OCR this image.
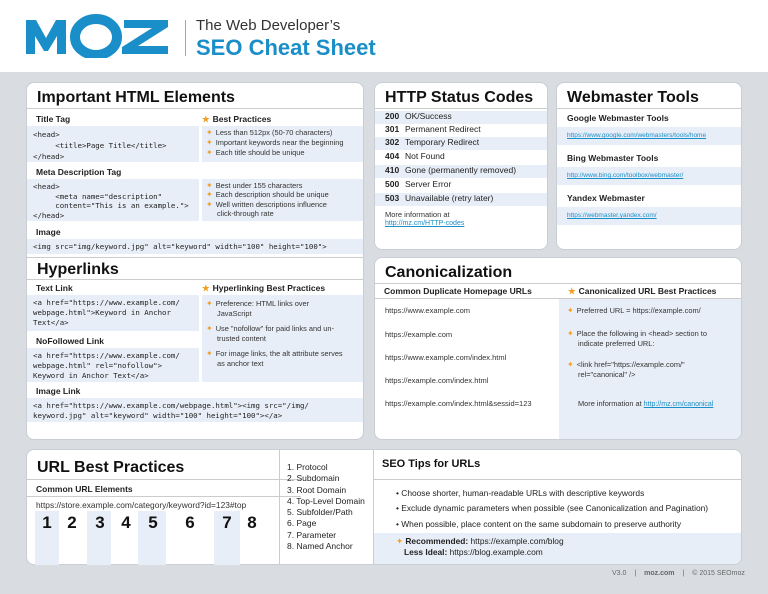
The Web Developer’s
SEO Cheat Sheet
Important HTML Elements
Title Tag
<head>
<title>Page Title</title>
</head>
★ Best Practices
✦ Less than 512px (50-70 characters)
✦ Important keywords near the beginning
✦ Each title should be unique
Meta Description Tag
<head>
<meta name="description"
content="This is an example.">
</head>
✦ Best under 155 characters
✦ Each description should be unique
✦ Well written descriptions influence
click-through rate
Image
<img src="img/keyword.jpg" alt="keyword" width="100" height="100">
Hyperlinks
Text Link
<a href="https://www.example.com/
webpage.html">Keyword in Anchor
Text</a>
NoFollowed Link
<a href="https://www.example.com/
webpage.html" rel="nofollow">
Keyword in Anchor Text</a>
★ Hyperlinking Best Practices
✦ Preference: HTML links over
JavaScript
✦ Use "nofollow" for paid links and un-
trusted content
✦ For image links, the alt attribute serves
as anchor text
Image Link
<a href="https://www.example.com/webpage.html"><img src="/img/
keyword.jpg" alt="keyword" width="100" height="100"></a>
HTTP Status Codes
200 OK/Success
301 Permanent Redirect
302 Temporary Redirect
404 Not Found
410 Gone (permanently removed)
500 Server Error
503 Unavailable (retry later)
More information at
http://mz.cm/HTTP-codes
Webmaster Tools
Google Webmaster Tools
https://www.google.com/webmasters/tools/home
Bing Webmaster Tools
http://www.bing.com/toolbox/webmaster/
Yandex Webmaster
https://webmaster.yandex.com/
Canonicalization
Common Duplicate Homepage URLs	★ Canonicalized URL Best Practices
https://www.example.com
https://example.com
https://www.example.com/index.html
https://example.com/index.html
https://example.com/index.html&sessid=123
✦ Preferred URL = https://example.com/
✦ Place the following in <head> section to
indicate preferred URL:
✦ <link href="https://example.com/"
rel="canonical" />
More information at http://mz.cm/canonical
URL Best Practices
Common URL Elements
https://store.example.com/category/keyword?id=123#top
1. Protocol
2. Subdomain
3. Root Domain
4. Top-Level Domain
5. Subfolder/Path
6. Page
7. Parameter
8. Named Anchor
SEO Tips for URLs
1 2	3 4	5	6	7 8
• Choose shorter, human-readable URLs with descriptive keywords
• Exclude dynamic parameters when possible (see Canonicalization and Pagination)
• When possible, place content on the same subdomain to preserve authority
✦ Recommended: https://example.com/blog
Less Ideal: https://blog.example.com
V3.0 | moz.com | © 2015 SEOmoz
